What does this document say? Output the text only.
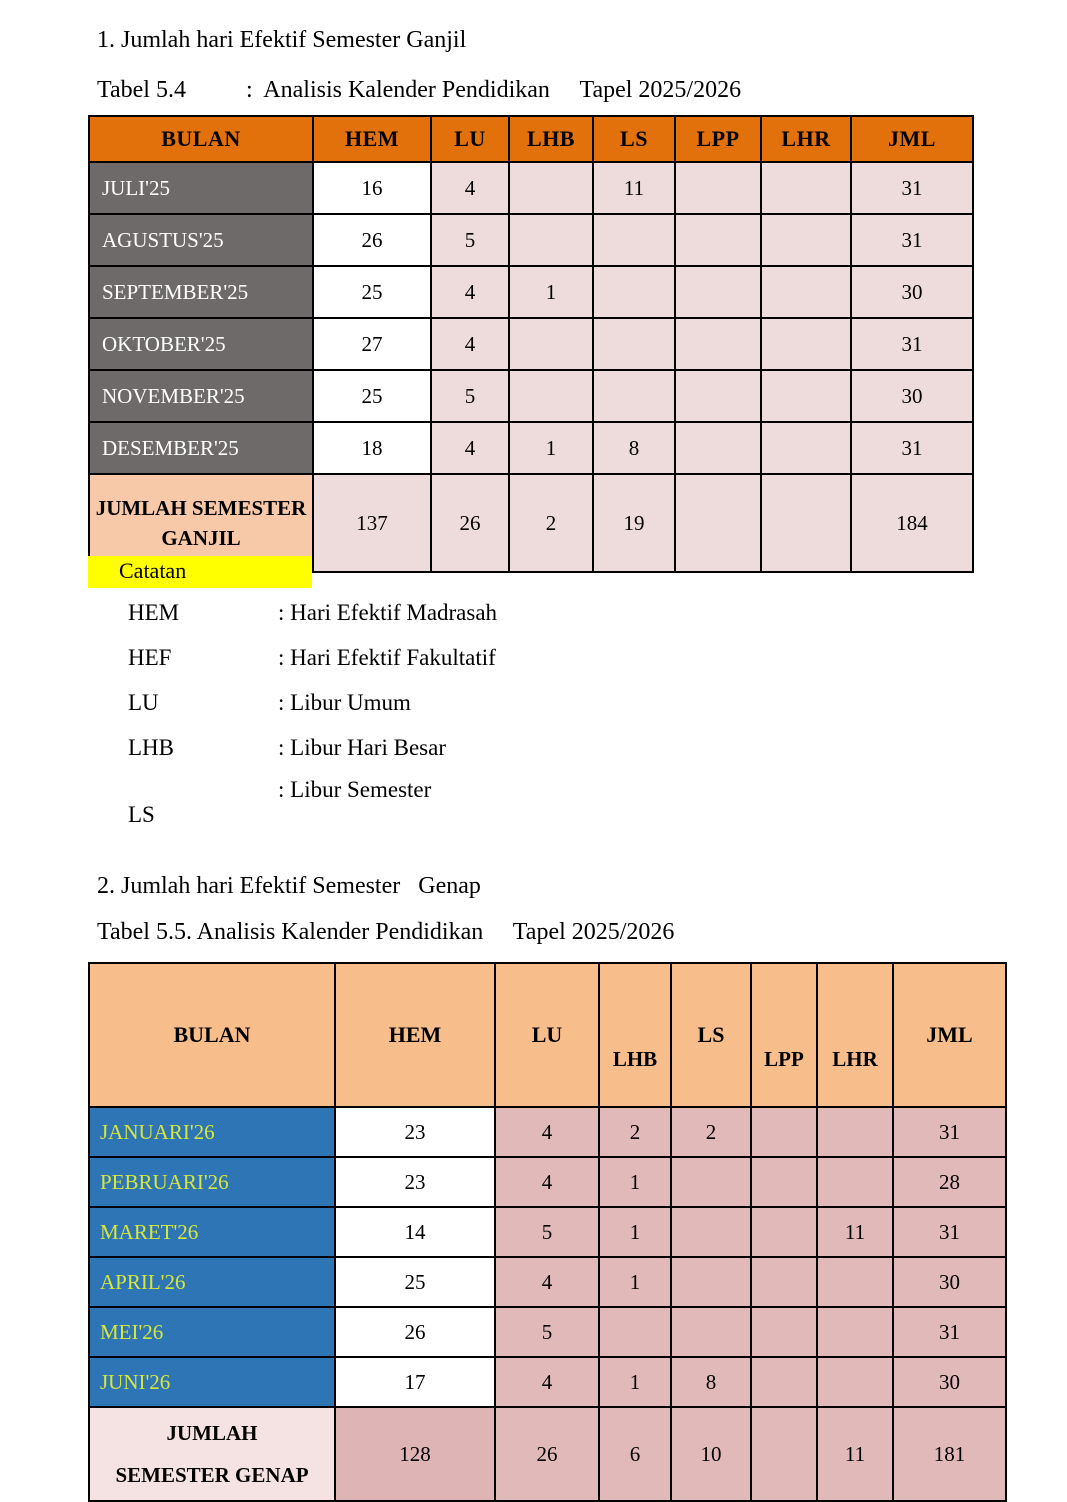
1. Jumlah hari Efektif Semester Ganjil
Tabel 5.4          :  Analisis Kalender Pendidikan     Tapel 2025/2026
BULAN	HEM	LU	LHB	LS	LPP	LHR	JML
JULI'25	16	4		11			31
AGUSTUS'25	26	5					31
SEPTEMBER'25	25	4	1				30
OKTOBER'25	27	4					31
NOVEMBER'25	25	5					30
DESEMBER'25	18	4	1	8			31
JUMLAH SEMESTER GANJIL	137	26	2	19			184
Catatan
HEM	: Hari Efektif Madrasah
HEF	: Hari Efektif Fakultatif
LU	: Libur Umum
LHB	: Libur Hari Besar
LS
: Libur Semester
2. Jumlah hari Efektif Semester   Genap
Tabel 5.5. Analisis Kalender Pendidikan     Tapel 2025/2026
BULAN	HEM	LU	LHB	LS	LPP	LHR	JML
JANUARI'26	23	4	2	2			31
PEBRUARI'26	23	4	1				28
MARET'26	14	5	1			11	31
APRIL'26	25	4	1				30
MEI'26	26	5					31
JUNI'26	17	4	1	8			30

JUMLAH
SEMESTER GENAP	128	26	6	10		11	181
